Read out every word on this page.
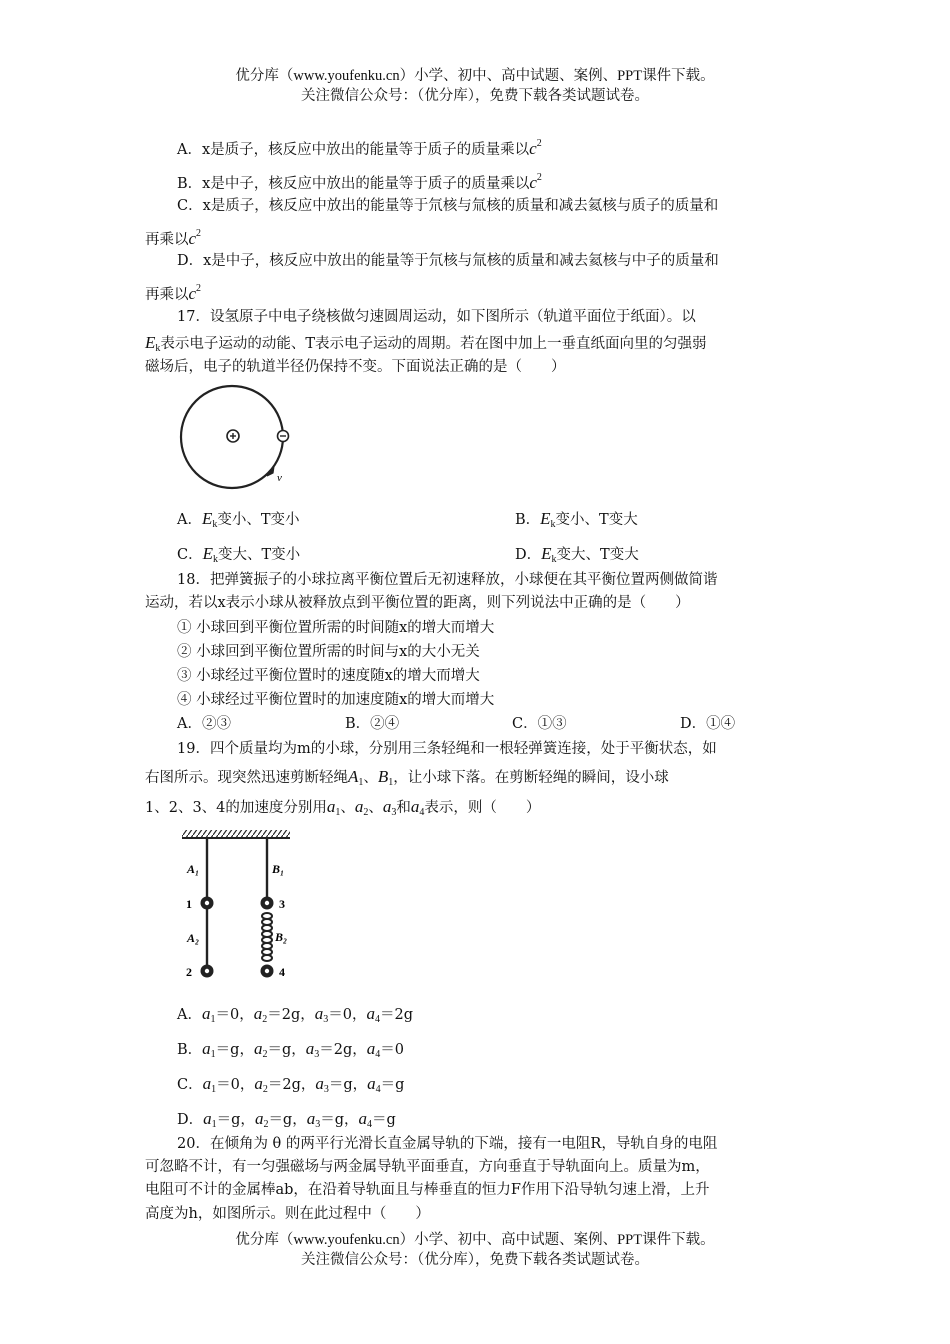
优分库（www.youfenku.cn）小学、初中、高中试题、案例、PPT课件下载。
关注微信公众号：（优分库），免费下载各类试题试卷。
A．x是质子，核反应中放出的能量等于质子的质量乘以$c^2$
B．x是中子，核反应中放出的能量等于质子的质量乘以$c^2$
C．x是质子，核反应中放出的能量等于氘核与氚核的质量和减去氦核与质子的质量和
再乘以$c^2$
D．x是中子，核反应中放出的能量等于氘核与氚核的质量和减去氦核与中子的质量和
再乘以$c^2$
17．设氢原子中电子绕核做匀速圆周运动，如下图所示（轨道平面位于纸面）。以
$E_k$表示电子运动的动能、T表示电子运动的周期。若在图中加上一垂直纸面向里的匀强弱
磁场后，电子的轨道半径仍保持不变。下面说法正确的是（　　）
v
A．$E_k$变小、T变小	B．$E_k$变小、T变大
C．$E_k$变大、T变小	D．$E_k$变大、T变大
18．把弹簧振子的小球拉离平衡位置后无初速释放，小球便在其平衡位置两侧做简谐
运动，若以x表示小球从被释放点到平衡位置的距离，则下列说法中正确的是（　　）
① 小球回到平衡位置所需的时间随x的增大而增大
② 小球回到平衡位置所需的时间与x的大小无关
③ 小球经过平衡位置时的速度随x的增大而增大
④ 小球经过平衡位置时的加速度随x的增大而增大
A．②③	B．②④	C．①③	D．①④
19．四个质量均为m的小球，分别用三条轻绳和一根轻弹簧连接，处于平衡状态，如
右图所示。现突然迅速剪断轻绳$A_1$、$B_1$，让小球下落。在剪断轻绳的瞬间，设小球
1、2、3、4的加速度分别用$a_1$、$a_2$、$a_3$和$a_4$表示，则（　　）
A₁	B₁
A₂	B₂
1
2
3
4
A．$a_1=0$，$a_2=2g$，$a_3=0$，$a_4=2g$
B．$a_1=g$，$a_2=g$，$a_3=2g$，$a_4=0$
C．$a_1=0$，$a_2=2g$，$a_3=g$，$a_4=g$
D．$a_1=g$，$a_2=g$，$a_3=g$，$a_4=g$
20．在倾角为 θ 的两平行光滑长直金属导轨的下端，接有一电阻R，导轨自身的电阻
可忽略不计，有一匀强磁场与两金属导轨平面垂直，方向垂直于导轨面向上。质量为m，
电阻可不计的金属棒ab，在沿着导轨面且与棒垂直的恒力F作用下沿导轨匀速上滑，上升
高度为h，如图所示。则在此过程中（　　）
优分库（www.youfenku.cn）小学、初中、高中试题、案例、PPT课件下载。
关注微信公众号：（优分库），免费下载各类试题试卷。
